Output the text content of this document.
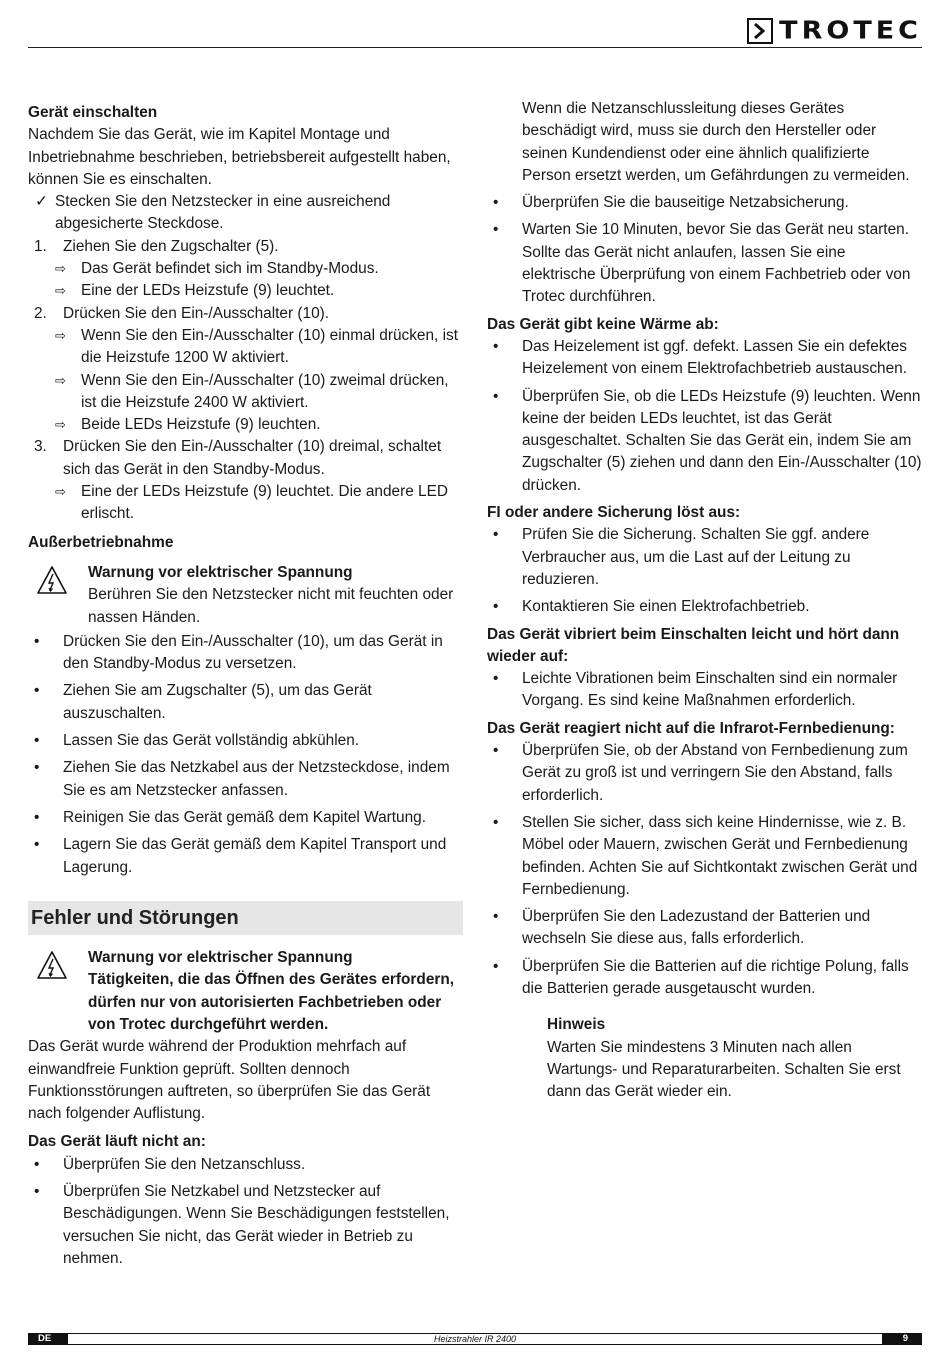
TROTEC
Gerät einschalten

Nachdem Sie das Gerät, wie im Kapitel Montage und Inbetriebnahme beschrieben, betriebsbereit aufgestellt haben, können Sie es einschalten.

✓ Stecken Sie den Netzstecker in eine ausreichend abgesicherte Steckdose.
1. Ziehen Sie den Zugschalter (5).
⇨ Das Gerät befindet sich im Standby-Modus.
⇨ Eine der LEDs Heizstufe (9) leuchtet.
2. Drücken Sie den Ein-/Ausschalter (10).
⇨ Wenn Sie den Ein-/Ausschalter (10) einmal drücken, ist die Heizstufe 1200 W aktiviert.
⇨ Wenn Sie den Ein-/Ausschalter (10) zweimal drücken, ist die Heizstufe 2400 W aktiviert.
⇨ Beide LEDs Heizstufe (9) leuchten.
3. Drücken Sie den Ein-/Ausschalter (10) dreimal, schaltet sich das Gerät in den Standby-Modus.
⇨ Eine der LEDs Heizstufe (9) leuchtet. Die andere LED erlischt.
Außerbetriebnahme
Warnung vor elektrischer Spannung
Berühren Sie den Netzstecker nicht mit feuchten oder nassen Händen.
• Drücken Sie den Ein-/Ausschalter (10), um das Gerät in den Standby-Modus zu versetzen.
• Ziehen Sie am Zugschalter (5), um das Gerät auszuschalten.
• Lassen Sie das Gerät vollständig abkühlen.
• Ziehen Sie das Netzkabel aus der Netzsteckdose, indem Sie es am Netzstecker anfassen.
• Reinigen Sie das Gerät gemäß dem Kapitel Wartung.
• Lagern Sie das Gerät gemäß dem Kapitel Transport und Lagerung.
Fehler und Störungen
Warnung vor elektrischer Spannung
Tätigkeiten, die das Öffnen des Gerätes erfordern, dürfen nur von autorisierten Fachbetrieben oder von Trotec durchgeführt werden.

Das Gerät wurde während der Produktion mehrfach auf einwandfreie Funktion geprüft. Sollten dennoch Funktionsstörungen auftreten, so überprüfen Sie das Gerät nach folgender Auflistung.

Das Gerät läuft nicht an:
• Überprüfen Sie den Netzanschluss.
• Überprüfen Sie Netzkabel und Netzstecker auf Beschädigungen. Wenn Sie Beschädigungen feststellen, versuchen Sie nicht, das Gerät wieder in Betrieb zu nehmen.
Wenn die Netzanschlussleitung dieses Gerätes beschädigt wird, muss sie durch den Hersteller oder seinen Kundendienst oder eine ähnlich qualifizierte Person ersetzt werden, um Gefährdungen zu vermeiden.
• Überprüfen Sie die bauseitige Netzabsicherung.
• Warten Sie 10 Minuten, bevor Sie das Gerät neu starten. Sollte das Gerät nicht anlaufen, lassen Sie eine elektrische Überprüfung von einem Fachbetrieb oder von Trotec durchführen.
Das Gerät gibt keine Wärme ab:
• Das Heizelement ist ggf. defekt. Lassen Sie ein defektes Heizelement von einem Elektrofachbetrieb austauschen.
• Überprüfen Sie, ob die LEDs Heizstufe (9) leuchten. Wenn keine der beiden LEDs leuchtet, ist das Gerät ausgeschaltet. Schalten Sie das Gerät ein, indem Sie am Zugschalter (5) ziehen und dann den Ein-/Ausschalter (10) drücken.
FI oder andere Sicherung löst aus:
• Prüfen Sie die Sicherung. Schalten Sie ggf. andere Verbraucher aus, um die Last auf der Leitung zu reduzieren.
• Kontaktieren Sie einen Elektrofachbetrieb.
Das Gerät vibriert beim Einschalten leicht und hört dann wieder auf:
• Leichte Vibrationen beim Einschalten sind ein normaler Vorgang. Es sind keine Maßnahmen erforderlich.
Das Gerät reagiert nicht auf die Infrarot-Fernbedienung:
• Überprüfen Sie, ob der Abstand von Fernbedienung zum Gerät zu groß ist und verringern Sie den Abstand, falls erforderlich.
• Stellen Sie sicher, dass sich keine Hindernisse, wie z. B. Möbel oder Mauern, zwischen Gerät und Fernbedienung befinden. Achten Sie auf Sichtkontakt zwischen Gerät und Fernbedienung.
• Überprüfen Sie den Ladezustand der Batterien und wechseln Sie diese aus, falls erforderlich.
• Überprüfen Sie die Batterien auf die richtige Polung, falls die Batterien gerade ausgetauscht wurden.
Hinweis
Warten Sie mindestens 3 Minuten nach allen Wartungs- und Reparaturarbeiten. Schalten Sie erst dann das Gerät wieder ein.
DE	Heizstrahler IR 2400	9
